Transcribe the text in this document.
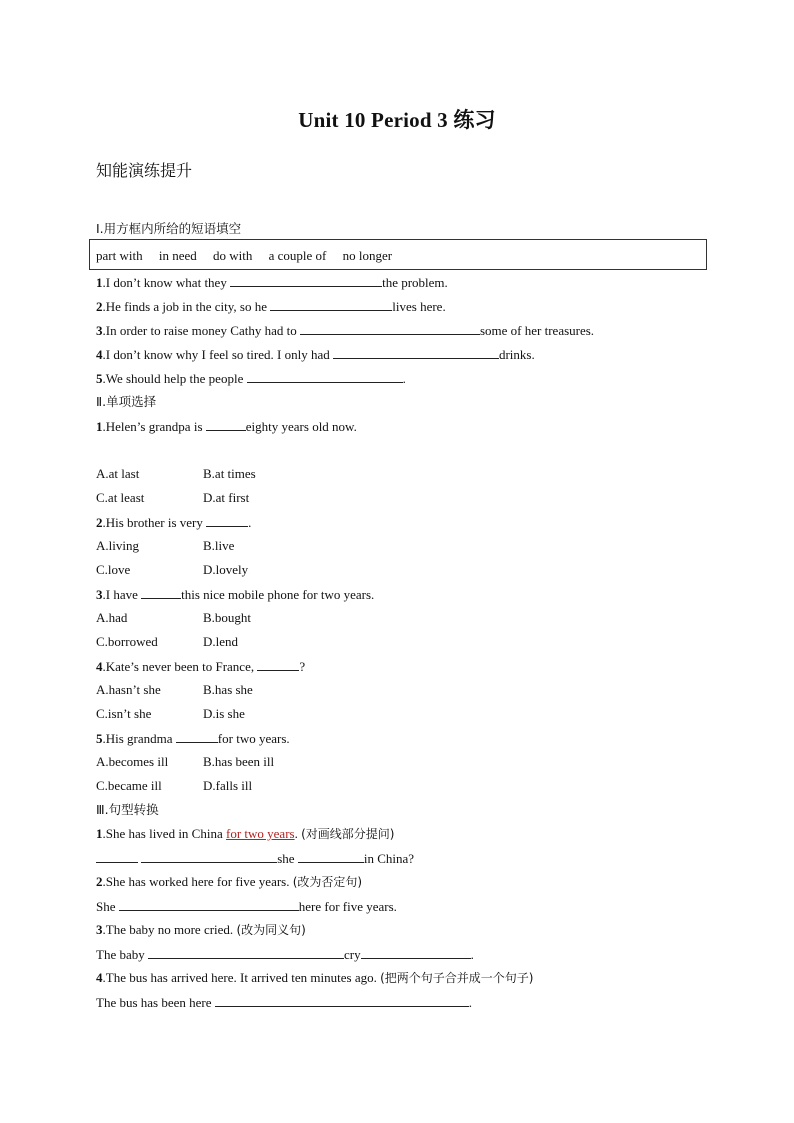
Unit 10 Period 3 练习
知能演练提升
Ⅰ.用方框内所给的短语填空
part with in need do with a couple of no longer
1.I don’t know what they	the problem.
2.He finds a job in the city, so he	lives here.
3.In order to raise money Cathy had to	some of her treasures.
4.I don’t know why I feel so tired. I only had	drinks.
5.We should help the people	.
Ⅱ.单项选择
1.Helen’s grandpa is	eighty years old now.
A.at last	B.at times
C.at least	D.at first
2.His brother is very	.
A.living	B.live
C.love	D.lovely
3.I have	this nice mobile phone for two years.
A.had	B.bought
C.borrowed	D.lend
4.Kate’s never been to France,	?
A.hasn’t she	B.has she
C.isn’t she	D.is she
5.His grandma	for two years.
A.becomes ill	B.has been ill
C.became ill	D.falls ill
Ⅲ.句型转换
1.She has lived in China for two years. (对画线部分提问)
she	in China?
2.She has worked here for five years. (改为否定句)
She	here for five years.
3.The baby no more cried. (改为同义句)
The baby	cry	.
4.The bus has arrived here. It arrived ten minutes ago. (把两个句子合并成一个句子)
The bus has been here	.
